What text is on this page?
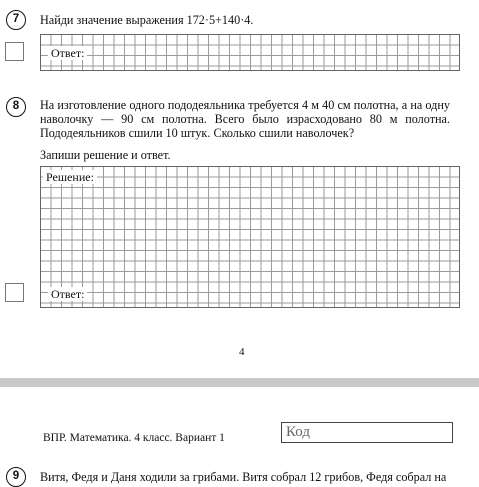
7	Найди значение выражения 172·5+140·4.
Ответ:
8	На изготовление одного пододеяльника требуется 4 м 40 см полотна, а на одну наволочку — 90 см полотна. Всего было израсходовано 80 м полотна. Пододеяльников сшили 10 штук. Сколько сшили наволочек?
Запиши решение и ответ.
Решение:
Ответ:
4
ВПР. Математика. 4 класс. Вариант 1	Код
9	Витя, Федя и Даня ходили за грибами. Витя собрал 12 грибов, Федя собрал на
